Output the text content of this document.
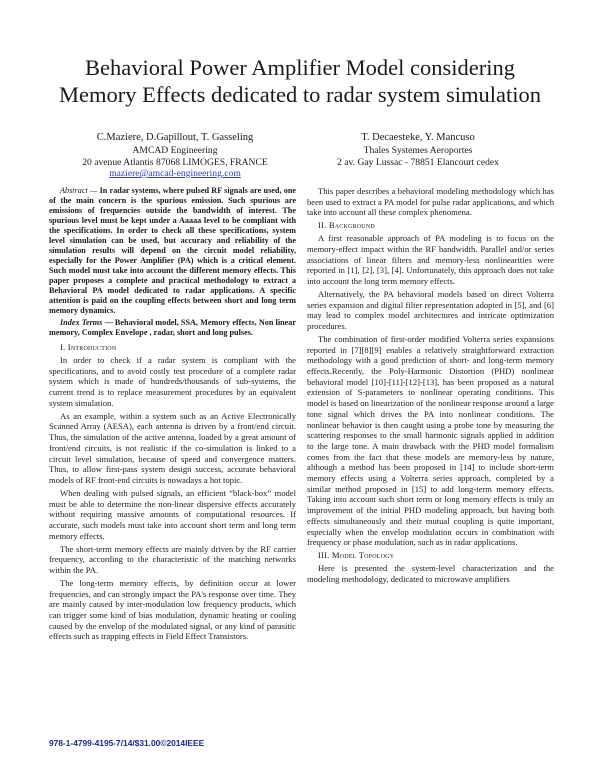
Behavioral Power Amplifier Model considering
Memory Effects dedicated to radar system simulation
C.Maziere, D.Gapillout, T. Gasseling
AMCAD Engineering
20 avenue Atlantis 87068 LIMOGES, FRANCE
maziere@amcad-engineering.com
T. Decaesteke, Y. Mancuso
Thales Systemes Aeroportes
2 av. Gay Lussac - 78851 Elancourt cedex

Abstract — In radar systems, where pulsed RF signals are used, one of the main concern is the spurious emission. Such spurious are emissions of frequencies outside the bandwidth of interest. The spurious level must be kept under a Aaaaa level to be compliant with the specifications. In order to check all these specifications, system level simulation can be used, but accuracy and reliability of the simulation results will depend on the circuit model reliability, especially for the Power Amplifier (PA) which is a critical element. Such model must take into account the different memory effects. This paper proposes a complete and practical methodology to extract a Behavioral PA model dedicated to radar applications. A specific attention is paid on the coupling effects between short and long term memory dynamics.

Index Terms — Behavioral model, SSA, Memory effects, Non linear memory, Complex Envelope , radar, short and long pulses.

I. Introduction

In order to check if a radar system is compliant with the specifications, and to avoid costly test procedure of a complete radar system which is made of hundreds/thousands of sub-systems, the current trend is to replace measurement procedures by an equivalent system simulation.

As an example, within a system such as an Active Electronically Scanned Array (AESA), each antenna is driven by a front/end circuit. Thus, the simulation of the active antenna, loaded by a great amount of front/end circuits, is not realistic if the co-simulation is linked to a circuit level simulation, because of speed and convergence matters. Thus, to allow first-pass system design success, accurate behavioral models of RF front-end circuits is nowadays a hot topic.

When dealing with pulsed signals, an efficient “black-box” model must be able to determine the non-linear dispersive effects accurately without requiring massive amounts of computational resources. If accurate, such models must take into account short term and long term memory effects.

The short-term memory effects are mainly driven by the RF carrier frequency, according to the characteristic of the matching networks within the PA.

The long-term memory effects, by definition occur at lower frequencies, and can strongly impact the PA's response over time. They are mainly caused by inter-modulation low frequency products, which can trigger some kind of bias modulation, dynamic heating or cooling caused by the envelop of the modulated signal, or any kind of parasitic effects such as trapping effects in Field Effect Transistors.

This paper describes a behavioral modeling methodology which has been used to extract a PA model for pulse radar applications, and which take into account all these complex phenomena.

II. Background

A first reasonable approach of PA modeling is to focus on the memory-effect impact within the RF bandwidth. Parallel and/or series associations of linear filters and memory-less nonlinearities were reported in [1], [2], [3], [4]. Unfortunately, this approach does not take into account the long term memory effects.

Alternatively, the PA behavioral models based on direct Volterra series expansion and digital filter representation adopted in [5], and [6] may lead to complex model architectures and intricate optimization procedures.

The combination of first-order modified Volterra series expansions reported in [7][8][9] enables a relatively straightforward extraction methodology with a good prediction of short- and long-term memory effects.Recently, the Poly-Harmonic Distortion (PHD) nonlinear behavioral model [10]-[11]-[12]-[13], has been proposed as a natural extension of S-parameters to nonlinear operating conditions. This model is based on linearization of the nonlinear response around a large tone signal which drives the PA into nonlinear conditions. The nonlinear behavior is then caught using a probe tone by measuring the scattering responses to the small harmonic signals applied in addition to the large tone. A main drawback with the PHD model formalism comes from the fact that these models are memory-less by nature, although a method has been proposed in [14] to include short-term memory effects using a Volterra series approach, completed by a similar method proposed in [15] to add long-term memory effects. Taking into account such short term or long memory effects is truly an improvement of the initial PHD modeling approach, but having both effects simultaneously and their mutual coupling is quite important, especially when the envelop modulation occurs in combination with frequency or phase modulation, such as in radar applications.

III. Model Topology

Here is presented the system-level characterization and the modeling methodology, dedicated to microwave amplifiers

978-1-4799-4195-7/14/$31.00©2014IEEE
